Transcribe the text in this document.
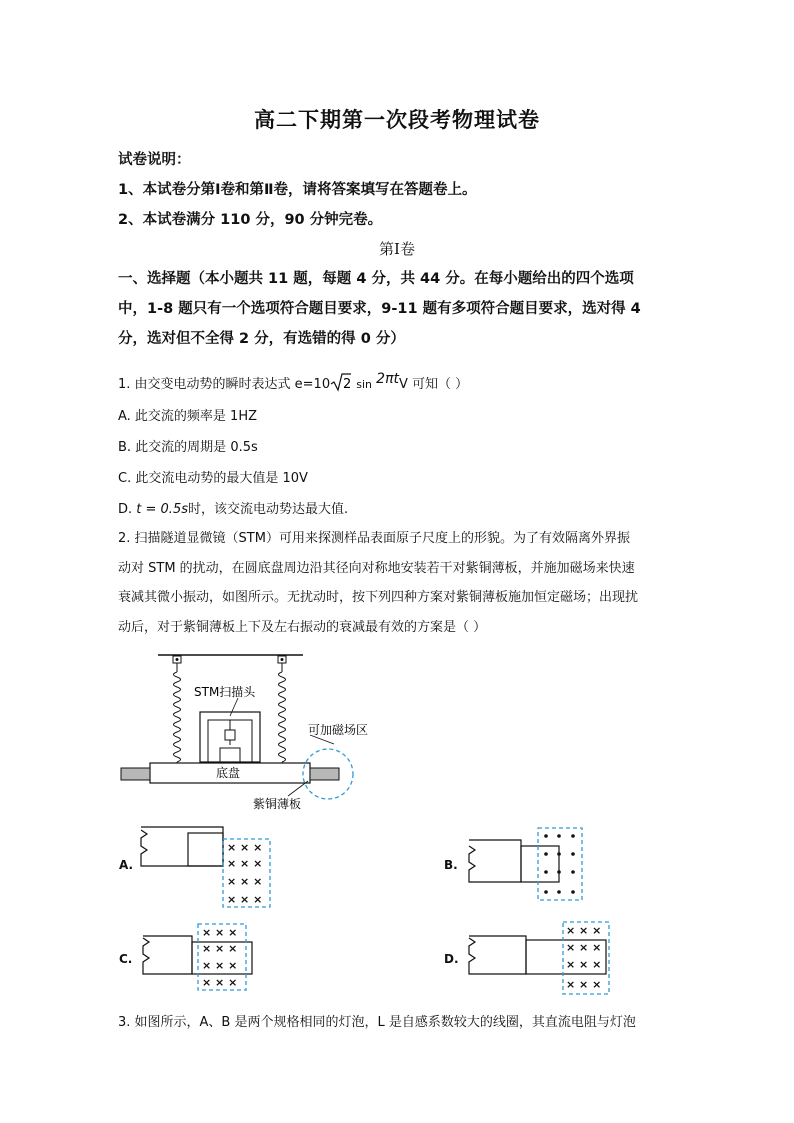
高二下期第一次段考物理试卷
试卷说明：
1、本试卷分第Ⅰ卷和第Ⅱ卷，请将答案填写在答题卷上。
2、本试卷满分 110 分，90 分钟完卷。
第Ⅰ卷
一、选择题（本小题共 11 题，每题 4 分，共 44 分。在每小题给出的四个选项
中，1-8 题只有一个选项符合题目要求，9-11 题有多项符合题目要求，选对得 4
分，选对但不全得 2 分，有选错的得 0 分）
1. 由交变电动势的瞬时表达式 e=10 2 sin 2πtV 可知（ ）
A. 此交流的频率是 1HZ
B. 此交流的周期是 0.5s
C. 此交流电动势的最大值是 10V
D. t = 0.5s时，该交流电动势达最大值.
2. 扫描隧道显微镜（STM）可用来探测样品表面原子尺度上的形貌。为了有效隔离外界振
动对 STM 的扰动，在圆底盘周边沿其径向对称地安装若干对紫铜薄板，并施加磁场来快速
衰减其微小振动，如图所示。无扰动时，按下列四种方案对紫铜薄板施加恒定磁场；出现扰
动后，对于紫铜薄板上下及左右振动的衰减最有效的方案是（ ）
STM扫描头
底盘
可加磁场区
紫铜薄板
A.
× × ×
× × ×
× × ×
× × ×
B.
C.
× × ×
× × ×
× × ×
× × ×
D.
× × ×
× × ×
× × ×
× × ×
3. 如图所示，A、B 是两个规格相同的灯泡，L 是自感系数较大的线圈，其直流电阻与灯泡
